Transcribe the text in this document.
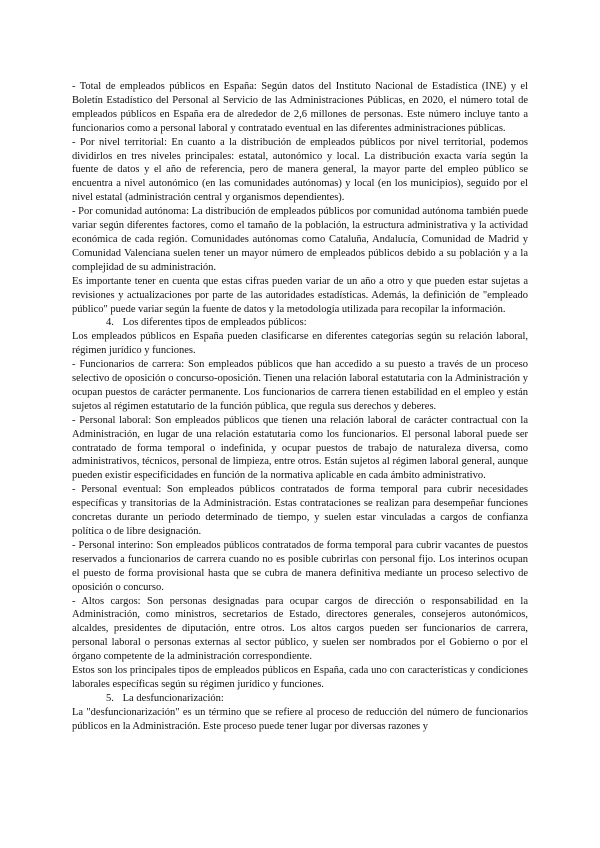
- Total de empleados públicos en España: Según datos del Instituto Nacional de Estadística (INE) y el Boletín Estadístico del Personal al Servicio de las Administraciones Públicas, en 2020, el número total de empleados públicos en España era de alrededor de 2,6 millones de personas. Este número incluye tanto a funcionarios como a personal laboral y contratado eventual en las diferentes administraciones públicas.

- Por nivel territorial: En cuanto a la distribución de empleados públicos por nivel territorial, podemos dividirlos en tres niveles principales: estatal, autonómico y local. La distribución exacta varía según la fuente de datos y el año de referencia, pero de manera general, la mayor parte del empleo público se encuentra a nivel autonómico (en las comunidades autónomas) y local (en los municipios), seguido por el nivel estatal (administración central y organismos dependientes).

- Por comunidad autónoma: La distribución de empleados públicos por comunidad autónoma también puede variar según diferentes factores, como el tamaño de la población, la estructura administrativa y la actividad económica de cada región. Comunidades autónomas como Cataluña, Andalucía, Comunidad de Madrid y Comunidad Valenciana suelen tener un mayor número de empleados públicos debido a su población y a la complejidad de su administración.

Es importante tener en cuenta que estas cifras pueden variar de un año a otro y que pueden estar sujetas a revisiones y actualizaciones por parte de las autoridades estadísticas. Además, la definición de "empleado público" puede variar según la fuente de datos y la metodología utilizada para recopilar la información.

4. Los diferentes tipos de empleados públicos:

Los empleados públicos en España pueden clasificarse en diferentes categorías según su relación laboral, régimen jurídico y funciones.

- Funcionarios de carrera: Son empleados públicos que han accedido a su puesto a través de un proceso selectivo de oposición o concurso-oposición. Tienen una relación laboral estatutaria con la Administración y ocupan puestos de carácter permanente. Los funcionarios de carrera tienen estabilidad en el empleo y están sujetos al régimen estatutario de la función pública, que regula sus derechos y deberes.

- Personal laboral: Son empleados públicos que tienen una relación laboral de carácter contractual con la Administración, en lugar de una relación estatutaria como los funcionarios. El personal laboral puede ser contratado de forma temporal o indefinida, y ocupar puestos de trabajo de naturaleza diversa, como administrativos, técnicos, personal de limpieza, entre otros. Están sujetos al régimen laboral general, aunque pueden existir especificidades en función de la normativa aplicable en cada ámbito administrativo.

- Personal eventual: Son empleados públicos contratados de forma temporal para cubrir necesidades específicas y transitorias de la Administración. Estas contrataciones se realizan para desempeñar funciones concretas durante un periodo determinado de tiempo, y suelen estar vinculadas a cargos de confianza política o de libre designación.

- Personal interino: Son empleados públicos contratados de forma temporal para cubrir vacantes de puestos reservados a funcionarios de carrera cuando no es posible cubrirlas con personal fijo. Los interinos ocupan el puesto de forma provisional hasta que se cubra de manera definitiva mediante un proceso selectivo de oposición o concurso.

- Altos cargos: Son personas designadas para ocupar cargos de dirección o responsabilidad en la Administración, como ministros, secretarios de Estado, directores generales, consejeros autonómicos, alcaldes, presidentes de diputación, entre otros. Los altos cargos pueden ser funcionarios de carrera, personal laboral o personas externas al sector público, y suelen ser nombrados por el Gobierno o por el órgano competente de la administración correspondiente.

Estos son los principales tipos de empleados públicos en España, cada uno con características y condiciones laborales específicas según su régimen jurídico y funciones.

5. La desfuncionarización:

La "desfuncionarización" es un término que se refiere al proceso de reducción del número de funcionarios públicos en la Administración. Este proceso puede tener lugar por diversas razones y
